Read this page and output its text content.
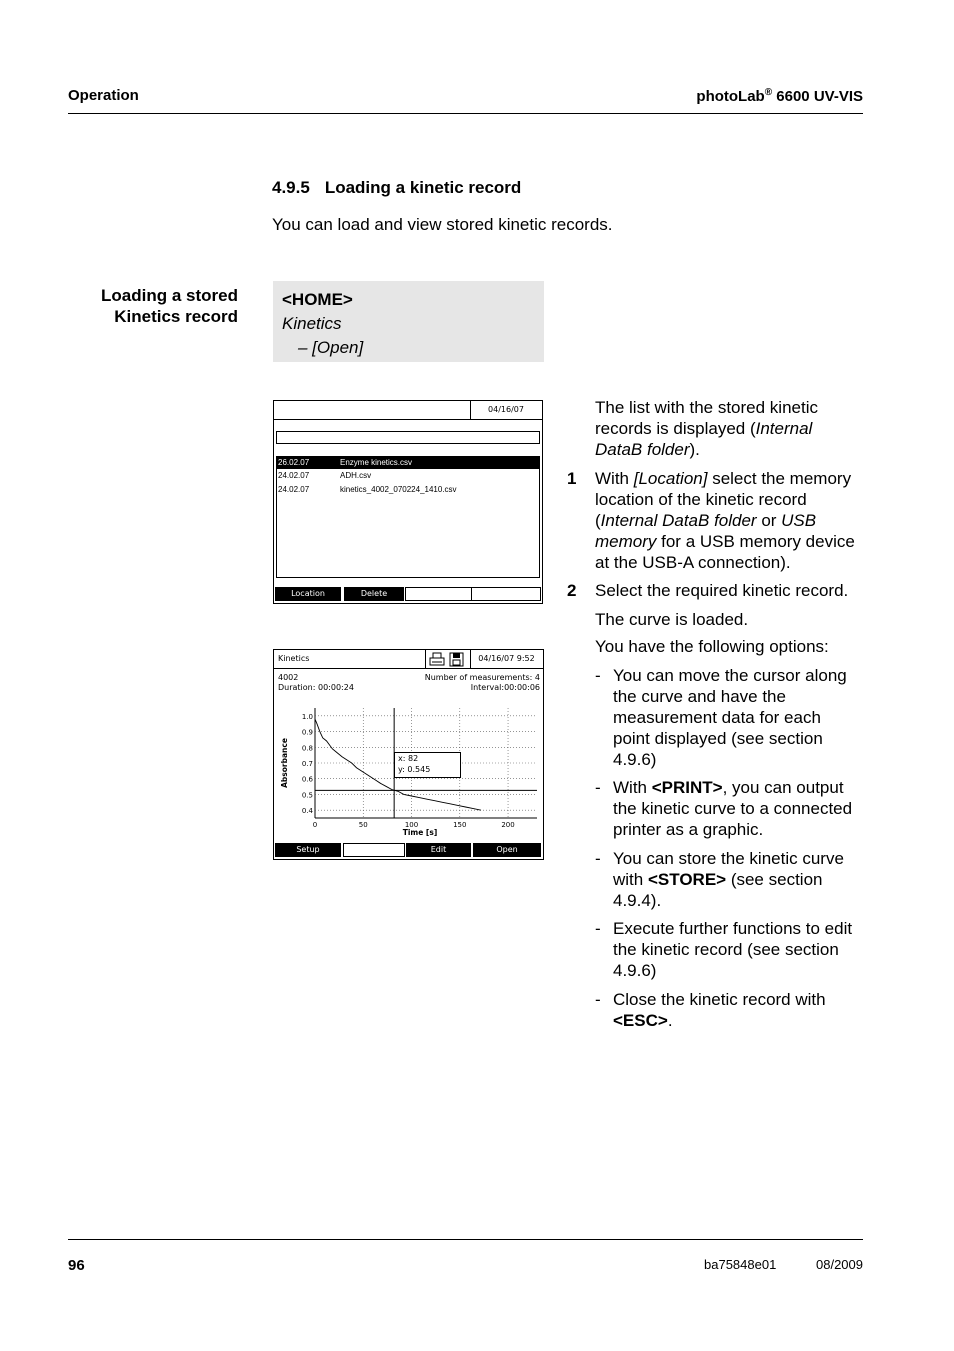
Operation	photoLab® 6600 UV-VIS
4.9.5 Loading a kinetic record
You can load and view stored kinetic records.
Loading a stored
Kinetics record
<HOME>
Kinetics
– [Open]
04/16/07
26.02.07	Enzyme kinetics.csv
24.02.07	ADH.csv
24.02.07	kinetics_4002_070224_1410.csv
Location	Delete
Kinetics	04/16/07 9:52
4002
Duration: 00:00:24
Number of measurements: 4
Interval:00:00:06
1.0
0.9
0.8
0.7
0.6
0.5
0.4
0	50	100	150	200
Time [s]
Absorbance	x: 82
y: 0.545
Setup	Edit	Open
The list with the stored kinetic
records is displayed (Internal
DataB folder).
1 With [Location] select the memory
location of the kinetic record
(Internal DataB folder or USB
memory for a USB memory device
at the USB-A connection).
2 Select the required kinetic record.
The curve is loaded.
You have the following options:
- You can move the cursor along
the curve and have the
measurement data for each
point displayed (see section
4.9.6)
- With <PRINT>, you can output
the kinetic curve to a connected
printer as a graphic.
- You can store the kinetic curve
with <STORE> (see section
4.9.4).
- Execute further functions to edit
the kinetic record (see section
4.9.6)
- Close the kinetic record with
<ESC>.
96	ba75848e01	08/2009
